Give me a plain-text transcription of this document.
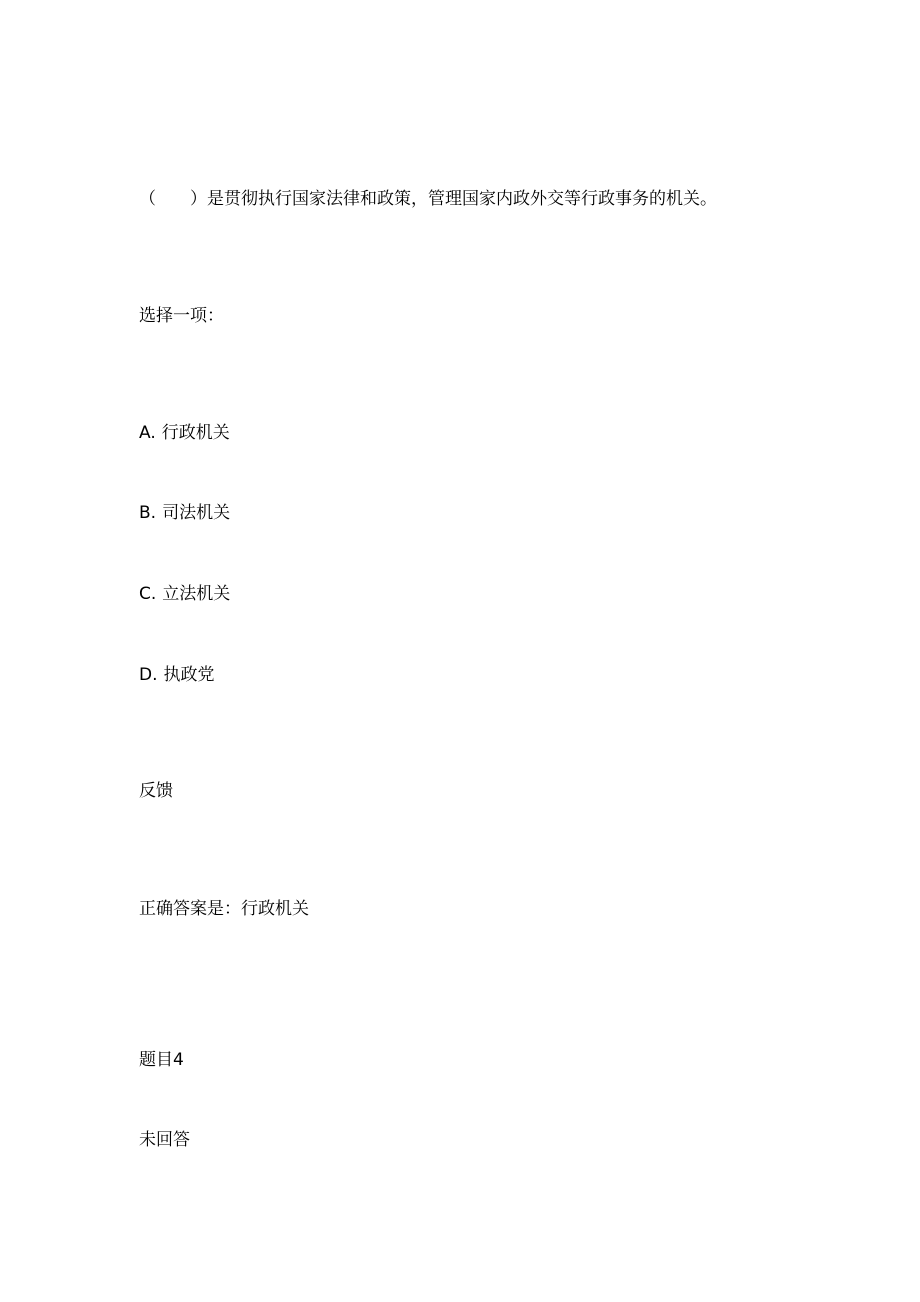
（　　）是贯彻执行国家法律和政策，管理国家内政外交等行政事务的机关。
选择一项：
A. 行政机关
B. 司法机关
C. 立法机关
D. 执政党
反馈
正确答案是：行政机关
题目4
未回答
